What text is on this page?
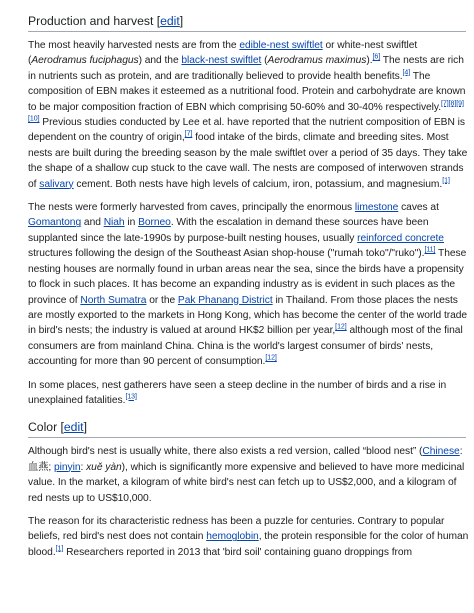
Production and harvest [edit]

The most heavily harvested nests are from the edible-nest swiftlet or white-nest swiftlet (Aerodramus fuciphagus) and the black-nest swiftlet (Aerodramus maximus).[6] The nests are rich in nutrients such as protein, and are traditionally believed to provide health benefits.[4] The composition of EBN makes it esteemed as a nutritional food. Protein and carbohydrate are known to be major composition fraction of EBN which comprising 50-60% and 30-40% respectively.[7][8][9][10] Previous studies conducted by Lee et al. have reported that the nutrient composition of EBN is dependent on the country of origin,[7] food intake of the birds, climate and breeding sites. Most nests are built during the breeding season by the male swiftlet over a period of 35 days. They take the shape of a shallow cup stuck to the cave wall. The nests are composed of interwoven strands of salivary cement. Both nests have high levels of calcium, iron, potassium, and magnesium.[1]

The nests were formerly harvested from caves, principally the enormous limestone caves at Gomantong and Niah in Borneo. With the escalation in demand these sources have been supplanted since the late-1990s by purpose-built nesting houses, usually reinforced concrete structures following the design of the Southeast Asian shop-house ("rumah toko"/"ruko").[11] These nesting houses are normally found in urban areas near the sea, since the birds have a propensity to flock in such places. It has become an expanding industry as is evident in such places as the province of North Sumatra or the Pak Phanang District in Thailand. From those places the nests are mostly exported to the markets in Hong Kong, which has become the center of the world trade in bird's nests; the industry is valued at around HK$2 billion per year,[12] although most of the final consumers are from mainland China. China is the world's largest consumer of birds' nests, accounting for more than 90 percent of consumption.[12]

In some places, nest gatherers have seen a steep decline in the number of birds and a rise in unexplained fatalities.[13]

Color [edit]

Although bird's nest is usually white, there also exists a red version, called “blood nest” (Chinese: 血燕; pinyin: xuě yàn), which is significantly more expensive and believed to have more medicinal value. In the market, a kilogram of white bird's nest can fetch up to US$2,000, and a kilogram of red nests up to US$10,000.

The reason for its characteristic redness has been a puzzle for centuries. Contrary to popular beliefs, red bird's nest does not contain hemoglobin, the protein responsible for the color of human blood.[1] Researchers reported in 2013 that 'bird soil' containing guano droppings from
